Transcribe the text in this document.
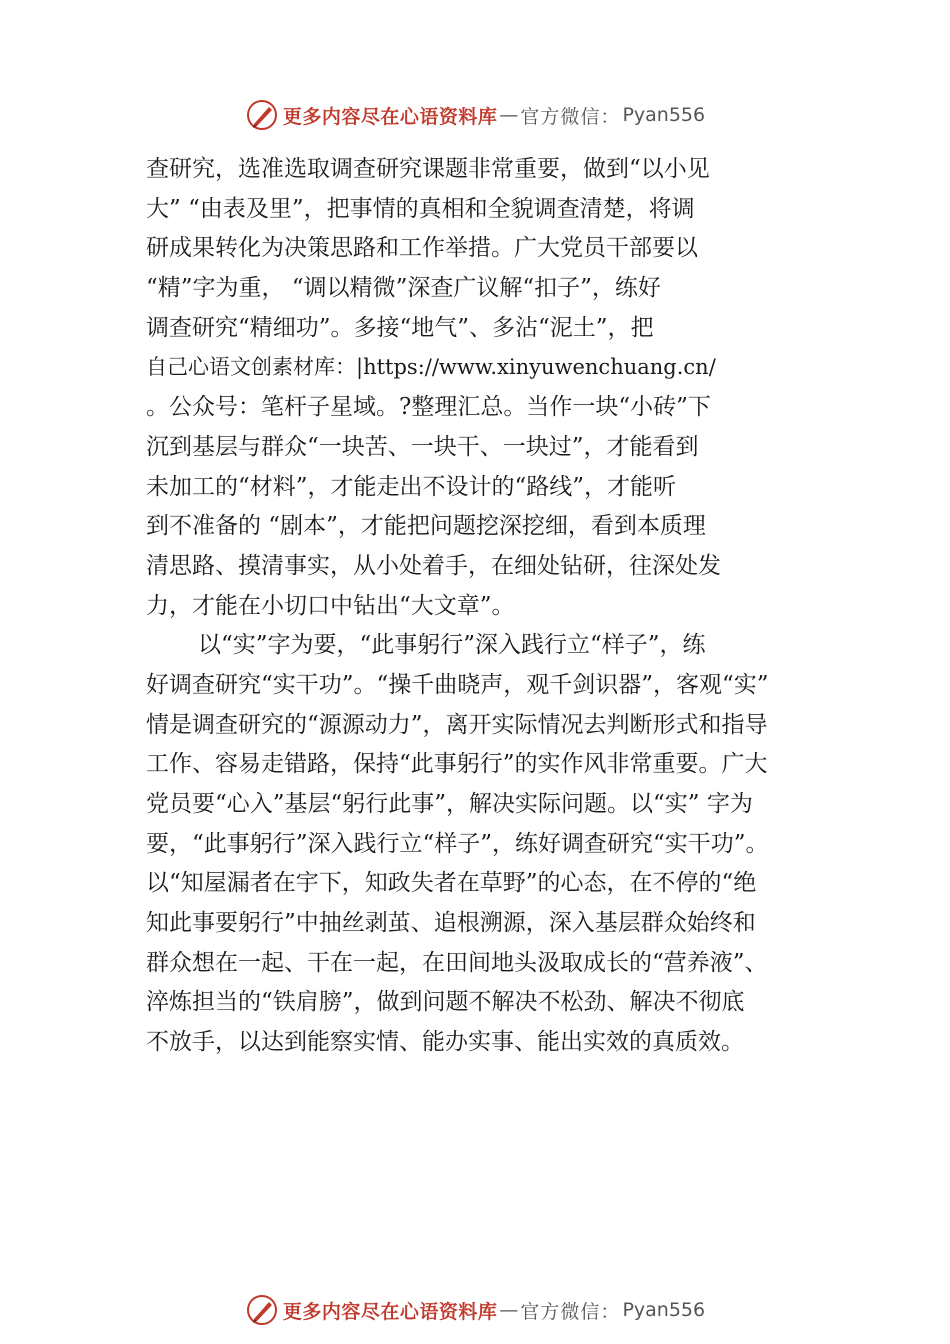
更多内容尽在心语资料库 — 官方微信： Pyan556
查研究，选准选取调查研究课题非常重要，做到“以小见
大” “由表及里”，把事情的真相和全貌调查清楚，将调
研成果转化为决策思路和工作举措。广大党员干部要以
“精”字为重， “调以精微”深查广议解“扣子”，练好
调查研究“精细功”。多接“地气”、多沾“泥土”，把
自己心语文创素材库：|https://www.xinyuwenchuang.cn/
。公众号：笔杆子星域。?整理汇总。当作一块“小砖”下
沉到基层与群众“一块苦、一块干、一块过”，才能看到
未加工的“材料”，才能走出不设计的“路线”，才能听
到不准备的 “剧本”，才能把问题挖深挖细，看到本质理
清思路、摸清事实，从小处着手，在细处钻研，往深处发
力，才能在小切口中钻出“大文章”。
以“实”字为要，“此事躬行”深入践行立“样子”，练
好调查研究“实干功”。“操千曲晓声，观千剑识器”，客观“实”
情是调查研究的“源源动力”，离开实际情况去判断形式和指导
工作、容易走错路，保持“此事躬行”的实作风非常重要。广大
党员要“心入”基层“躬行此事”，解决实际问题。以“实” 字为
要，“此事躬行”深入践行立“样子”，练好调查研究“实干功”。
以“知屋漏者在宇下，知政失者在草野”的心态，在不停的“绝
知此事要躬行”中抽丝剥茧、追根溯源，深入基层群众始终和
群众想在一起、干在一起，在田间地头汲取成长的“营养液”、
淬炼担当的“铁肩膀”，做到问题不解决不松劲、解决不彻底
不放手，以达到能察实情、能办实事、能出实效的真质效。
更多内容尽在心语资料库 — 官方微信： Pyan556
